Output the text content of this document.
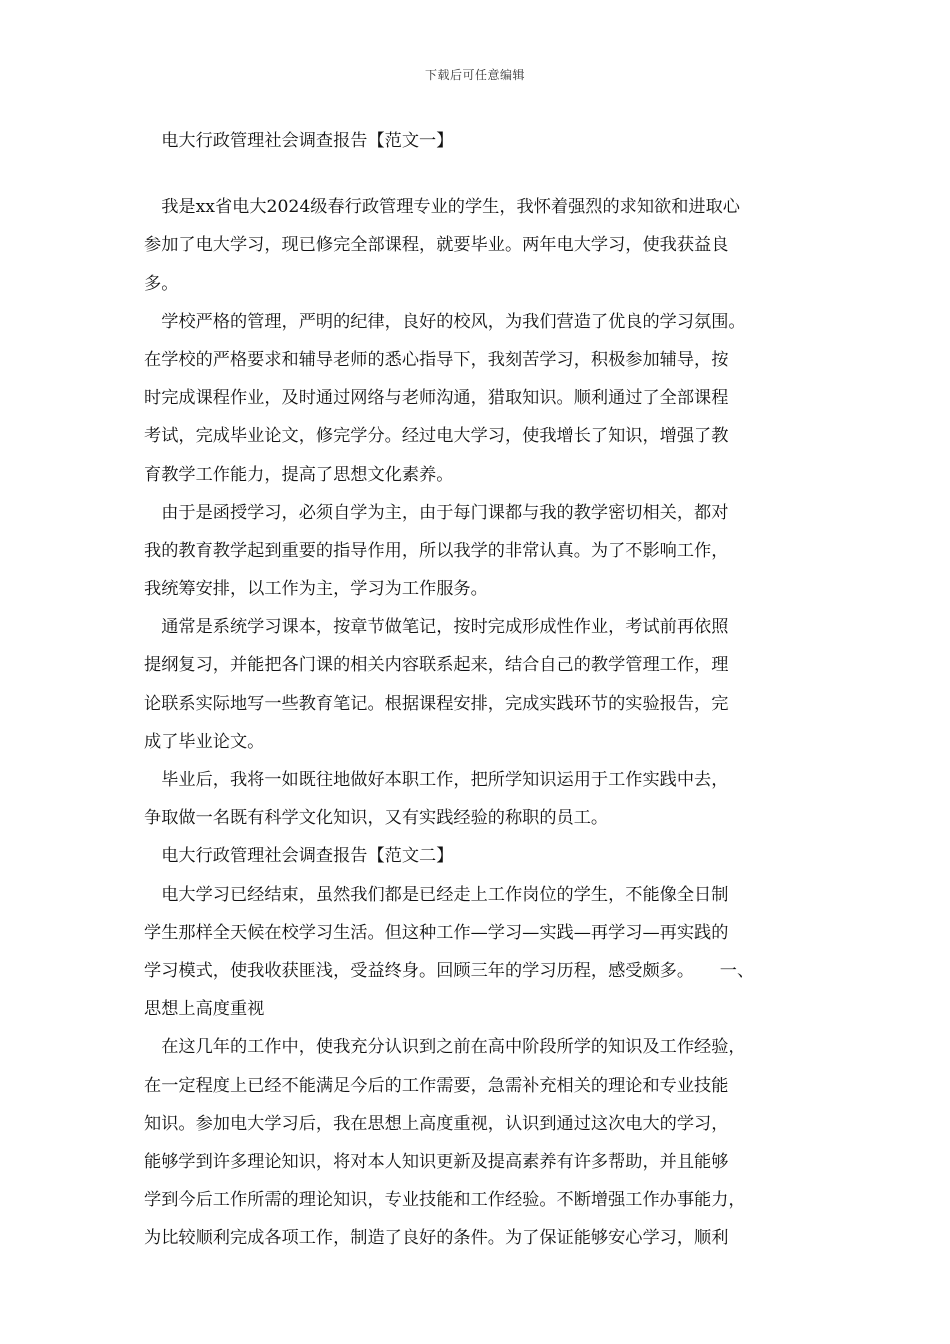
下载后可任意编辑
　电大行政管理社会调查报告【范文一】
　我是xx省电大2024级春行政管理专业的学生，我怀着强烈的求知欲和进取心
参加了电大学习，现已修完全部课程，就要毕业。两年电大学习，使我获益良
多。
　学校严格的管理，严明的纪律，良好的校风，为我们营造了优良的学习氛围。
在学校的严格要求和辅导老师的悉心指导下，我刻苦学习，积极参加辅导，按
时完成课程作业，及时通过网络与老师沟通，猎取知识。顺利通过了全部课程
考试，完成毕业论文，修完学分。经过电大学习，使我增长了知识，增强了教
育教学工作能力，提高了思想文化素养。
　由于是函授学习，必须自学为主，由于每门课都与我的教学密切相关，都对
我的教育教学起到重要的指导作用，所以我学的非常认真。为了不影响工作，
我统筹安排，以工作为主，学习为工作服务。
　通常是系统学习课本，按章节做笔记，按时完成形成性作业，考试前再依照
提纲复习，并能把各门课的相关内容联系起来，结合自己的教学管理工作，理
论联系实际地写一些教育笔记。根据课程安排，完成实践环节的实验报告，完
成了毕业论文。
　毕业后，我将一如既往地做好本职工作，把所学知识运用于工作实践中去，
争取做一名既有科学文化知识，又有实践经验的称职的员工。
　电大行政管理社会调查报告【范文二】
　电大学习已经结束，虽然我们都是已经走上工作岗位的学生，不能像全日制
学生那样全天候在校学习生活。但这种工作—学习—实践—再学习—再实践的
学习模式，使我收获匪浅，受益终身。回顾三年的学习历程，感受颇多。　　一、
思想上高度重视
　在这几年的工作中，使我充分认识到之前在高中阶段所学的知识及工作经验，
在一定程度上已经不能满足今后的工作需要，急需补充相关的理论和专业技能
知识。参加电大学习后，我在思想上高度重视，认识到通过这次电大的学习，
能够学到许多理论知识，将对本人知识更新及提高素养有许多帮助，并且能够
学到今后工作所需的理论知识，专业技能和工作经验。不断增强工作办事能力，
为比较顺利完成各项工作，制造了良好的条件。为了保证能够安心学习，顺利
